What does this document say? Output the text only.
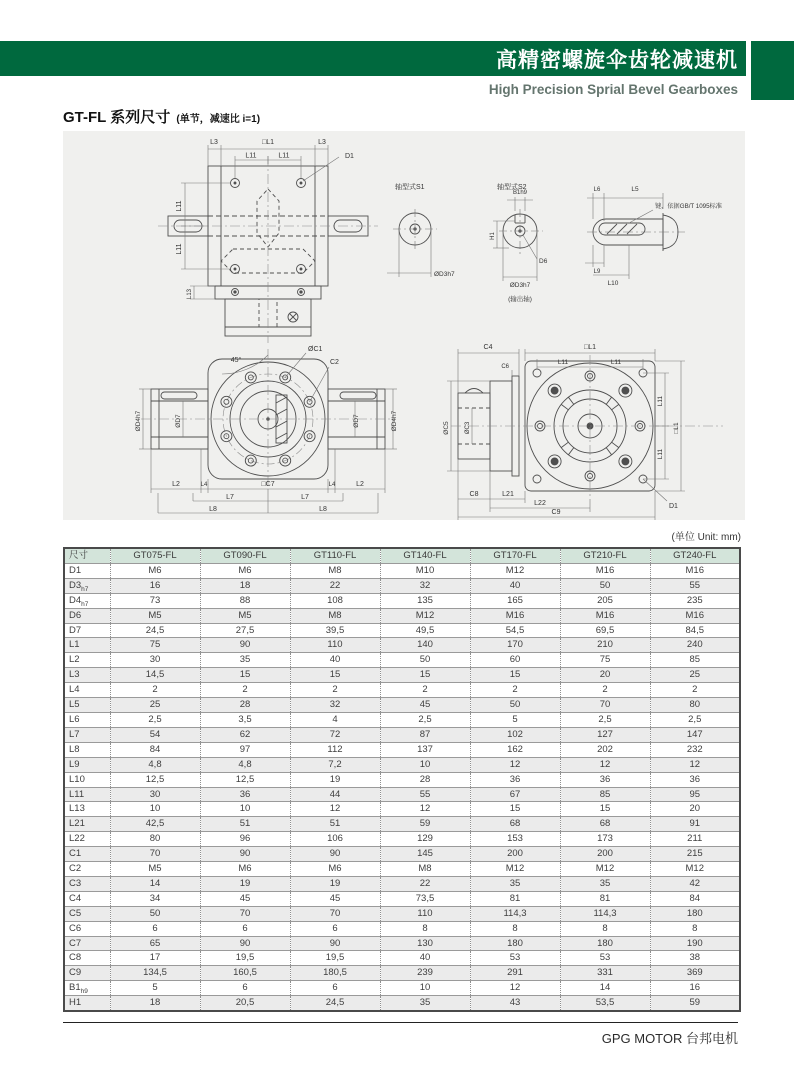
高精密螺旋伞齿轮减速机
High Precision Sprial Bevel Gearboxes
GT-FL 系列尺寸 (单节，减速比 i=1)
L3	□L1	L3
D1
L11	L11
L11
L11
L13
45°
ØC1
C2
ØD4h7	ØD7	ØD7	ØD4h7
L2	L4	□C7	L4	L2
L7	L7
L8	L8
轴型式S1
ØD3h7
轴型式S2
B1h9
H1
D6
ØD3h7
(输出轴)
L6	L5
键，依据GB/T 1095标准
L9
L10
C4	□L1
L11	L11
C6
ØC5	ØC3
L11
L11
□L1
D1
C8	L21
L22
C9
(单位 Unit: mm)
尺寸	GT075-FL	GT090-FL	GT110-FL	GT140-FL	GT170-FL	GT210-FL	GT240-FL
D1	M6	M6	M8	M10	M12	M16	M16
$D3_{h7}$	16	18	22	32	40	50	55
$D4_{h7}$	73	88	108	135	165	205	235
D6	M5	M5	M8	M12	M16	M16	M16
D7	24,5	27,5	39,5	49,5	54,5	69,5	84,5
L1	75	90	110	140	170	210	240
L2	30	35	40	50	60	75	85
L3	14,5	15	15	15	15	20	25
L4	2	2	2	2	2	2	2
L5	25	28	32	45	50	70	80
L6	2,5	3,5	4	2,5	5	2,5	2,5
L7	54	62	72	87	102	127	147
L8	84	97	112	137	162	202	232
L9	4,8	4,8	7,2	10	12	12	12
L10	12,5	12,5	19	28	36	36	36
L11	30	36	44	55	67	85	95
L13	10	10	12	12	15	15	20
L21	42,5	51	51	59	68	68	91
L22	80	96	106	129	153	173	211
C1	70	90	90	145	200	200	215
C2	M5	M6	M6	M8	M12	M12	M12
C3	14	19	19	22	35	35	42
C4	34	45	45	73,5	81	81	84
C5	50	70	70	110	114,3	114,3	180
C6	6	6	6	8	8	8	8
C7	65	90	90	130	180	180	190
C8	17	19,5	19,5	40	53	53	38
C9	134,5	160,5	180,5	239	291	331	369
$B1_{h9}$	5	6	6	10	12	14	16
H1	18	20,5	24,5	35	43	53,5	59
GPG MOTOR 台邦电机
